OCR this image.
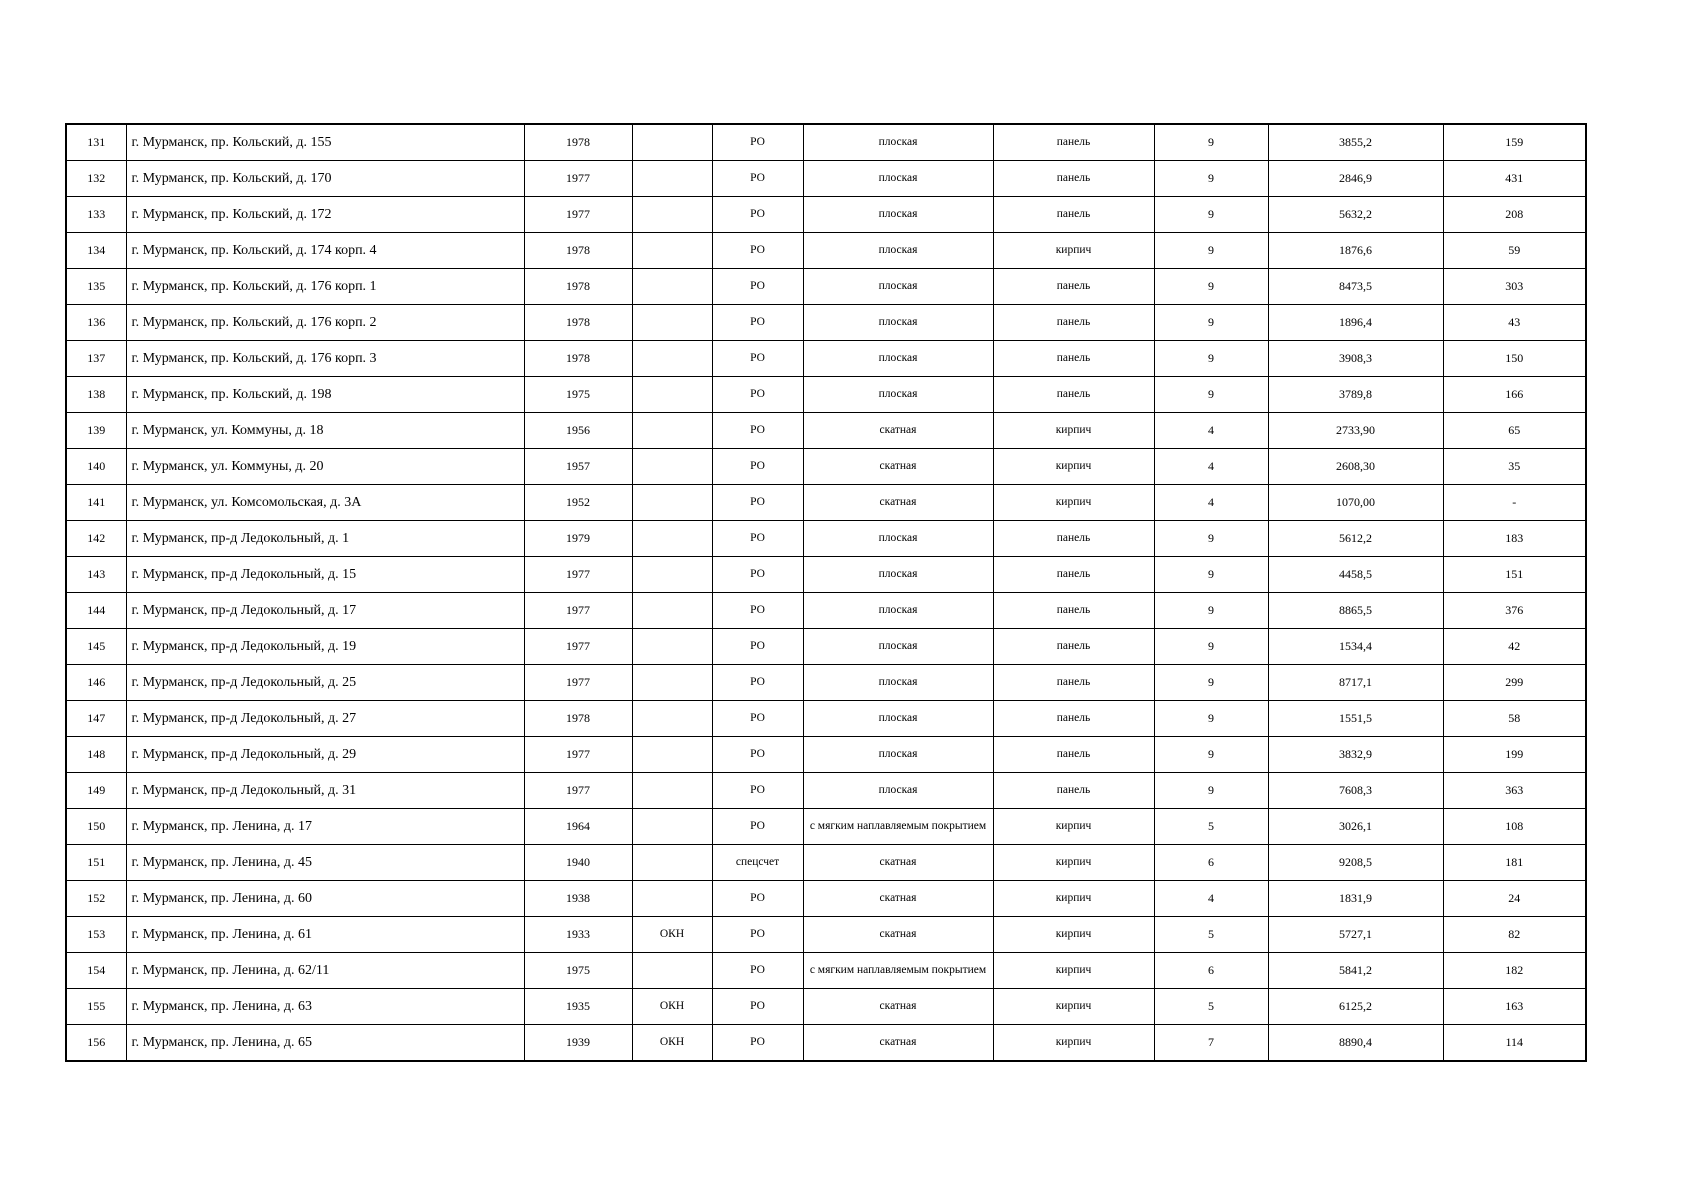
131	г. Мурманск, пр. Кольский, д. 155	1978		РО	плоская	панель	9	3855,2	159
132	г. Мурманск, пр. Кольский, д. 170	1977		РО	плоская	панель	9	2846,9	431
133	г. Мурманск, пр. Кольский, д. 172	1977		РО	плоская	панель	9	5632,2	208
134	г. Мурманск, пр. Кольский, д. 174 корп. 4	1978		РО	плоская	кирпич	9	1876,6	59
135	г. Мурманск, пр. Кольский, д. 176 корп. 1	1978		РО	плоская	панель	9	8473,5	303
136	г. Мурманск, пр. Кольский, д. 176 корп. 2	1978		РО	плоская	панель	9	1896,4	43
137	г. Мурманск, пр. Кольский, д. 176 корп. 3	1978		РО	плоская	панель	9	3908,3	150
138	г. Мурманск, пр. Кольский, д. 198	1975		РО	плоская	панель	9	3789,8	166
139	г. Мурманск, ул. Коммуны, д. 18	1956		РО	скатная	кирпич	4	2733,90	65
140	г. Мурманск, ул. Коммуны, д. 20	1957		РО	скатная	кирпич	4	2608,30	35
141	г. Мурманск, ул. Комсомольская, д. 3А	1952		РО	скатная	кирпич	4	1070,00	-
142	г. Мурманск, пр-д Ледокольный, д. 1	1979		РО	плоская	панель	9	5612,2	183
143	г. Мурманск, пр-д Ледокольный, д. 15	1977		РО	плоская	панель	9	4458,5	151
144	г. Мурманск, пр-д Ледокольный, д. 17	1977		РО	плоская	панель	9	8865,5	376
145	г. Мурманск, пр-д Ледокольный, д. 19	1977		РО	плоская	панель	9	1534,4	42
146	г. Мурманск, пр-д Ледокольный, д. 25	1977		РО	плоская	панель	9	8717,1	299
147	г. Мурманск, пр-д Ледокольный, д. 27	1978		РО	плоская	панель	9	1551,5	58
148	г. Мурманск, пр-д Ледокольный, д. 29	1977		РО	плоская	панель	9	3832,9	199
149	г. Мурманск, пр-д Ледокольный, д. 31	1977		РО	плоская	панель	9	7608,3	363
150	г. Мурманск, пр. Ленина, д. 17	1964		РО	с мягким наплавляемым покрытием	кирпич	5	3026,1	108
151	г. Мурманск, пр. Ленина, д. 45	1940		спецсчет	скатная	кирпич	6	9208,5	181
152	г. Мурманск, пр. Ленина, д. 60	1938		РО	скатная	кирпич	4	1831,9	24
153	г. Мурманск, пр. Ленина, д. 61	1933	ОКН	РО	скатная	кирпич	5	5727,1	82
154	г. Мурманск, пр. Ленина, д. 62/11	1975		РО	с мягким наплавляемым покрытием	кирпич	6	5841,2	182
155	г. Мурманск, пр. Ленина, д. 63	1935	ОКН	РО	скатная	кирпич	5	6125,2	163
156	г. Мурманск, пр. Ленина, д. 65	1939	ОКН	РО	скатная	кирпич	7	8890,4	114
